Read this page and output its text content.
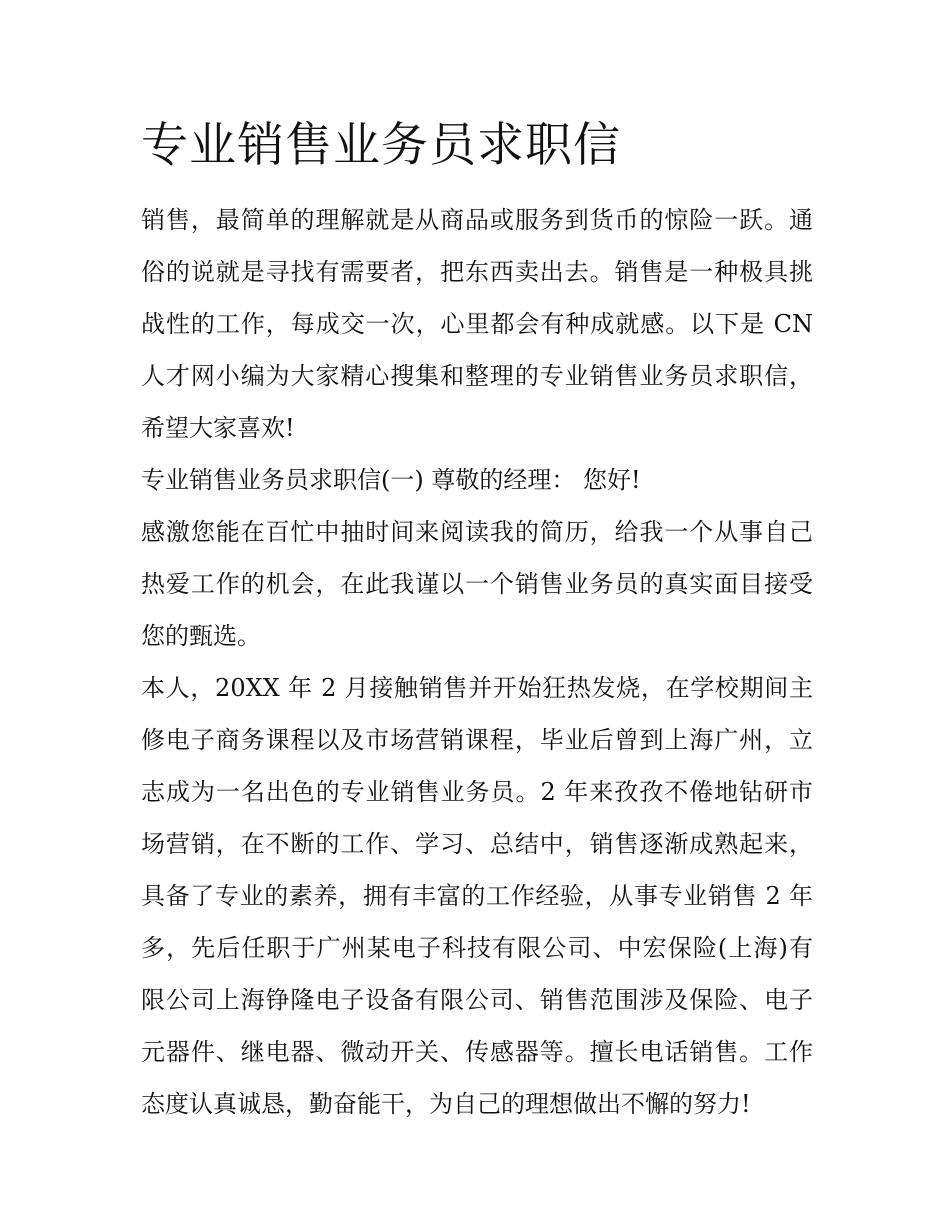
专业销售业务员求职信

销售，最简单的理解就是从商品或服务到货币的惊险一跃。通
俗的说就是寻找有需要者，把东西卖出去。销售是一种极具挑
战性的工作，每成交一次，心里都会有种成就感。以下是 CN
人才网小编为大家精心搜集和整理的专业销售业务员求职信，
希望大家喜欢!

专业销售业务员求职信(一) 尊敬的经理： 您好!

感激您能在百忙中抽时间来阅读我的简历，给我一个从事自己
热爱工作的机会，在此我谨以一个销售业务员的真实面目接受
您的甄选。

本人，20XX 年 2 月接触销售并开始狂热发烧，在学校期间主
修电子商务课程以及市场营销课程，毕业后曾到上海广州，立
志成为一名出色的专业销售业务员。2 年来孜孜不倦地钻研市
场营销，在不断的工作、学习、总结中，销售逐渐成熟起来，
具备了专业的素养，拥有丰富的工作经验，从事专业销售 2 年
多，先后任职于广州某电子科技有限公司、中宏保险(上海)有
限公司上海铮隆电子设备有限公司、销售范围涉及保险、电子
元器件、继电器、微动开关、传感器等。擅长电话销售。工作
态度认真诚恳，勤奋能干，为自己的理想做出不懈的努力!
